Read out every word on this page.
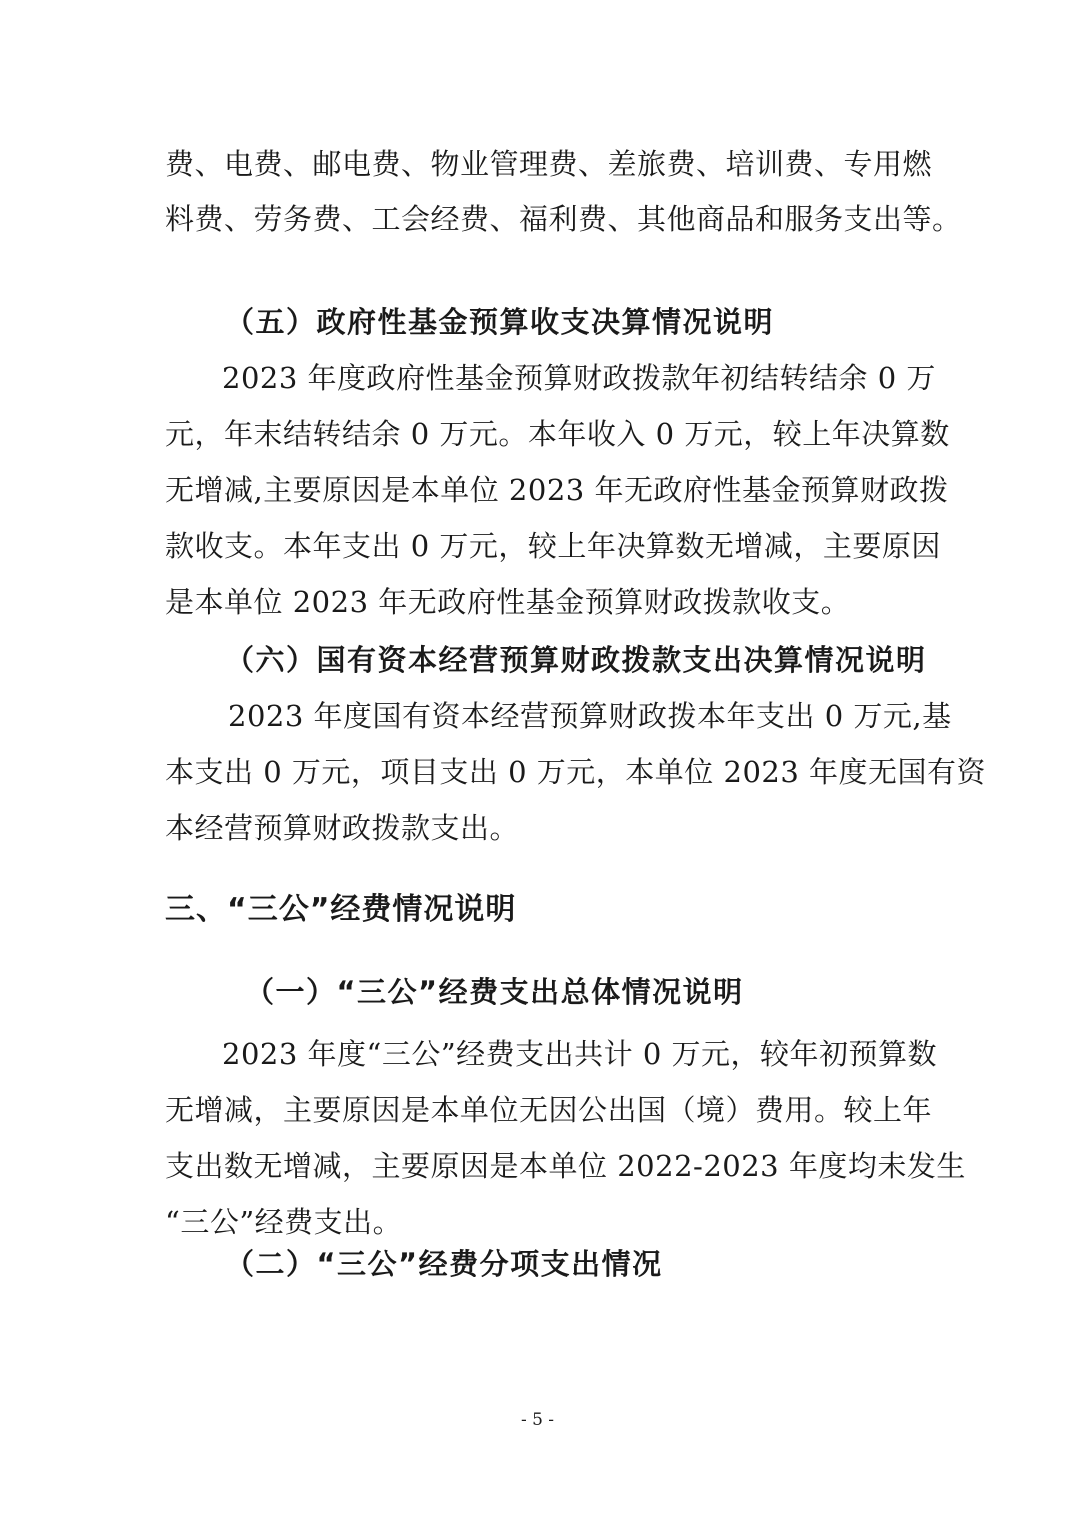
费、电费、邮电费、物业管理费、差旅费、培训费、专用燃
料费、劳务费、工会经费、福利费、其他商品和服务支出等。
（五）政府性基金预算收支决算情况说明
2023 年度政府性基金预算财政拨款年初结转结余 0 万
元，年末结转结余 0 万元。本年收入 0 万元，较上年决算数
无增减,主要原因是本单位 2023 年无政府性基金预算财政拨
款收支。本年支出 0 万元，较上年决算数无增减，主要原因
是本单位 2023 年无政府性基金预算财政拨款收支。
（六）国有资本经营预算财政拨款支出决算情况说明
2023 年度国有资本经营预算财政拨本年支出 0 万元,基
本支出 0 万元，项目支出 0 万元，本单位 2023 年度无国有资
本经营预算财政拨款支出。
三、“三公”经费情况说明
（一）“三公”经费支出总体情况说明
2023 年度“三公”经费支出共计 0 万元，较年初预算数
无增减，主要原因是本单位无因公出国（境）费用。较上年
支出数无增减，主要原因是本单位 2022-2023 年度均未发生
“三公”经费支出。
（二）“三公”经费分项支出情况
- 5 -
